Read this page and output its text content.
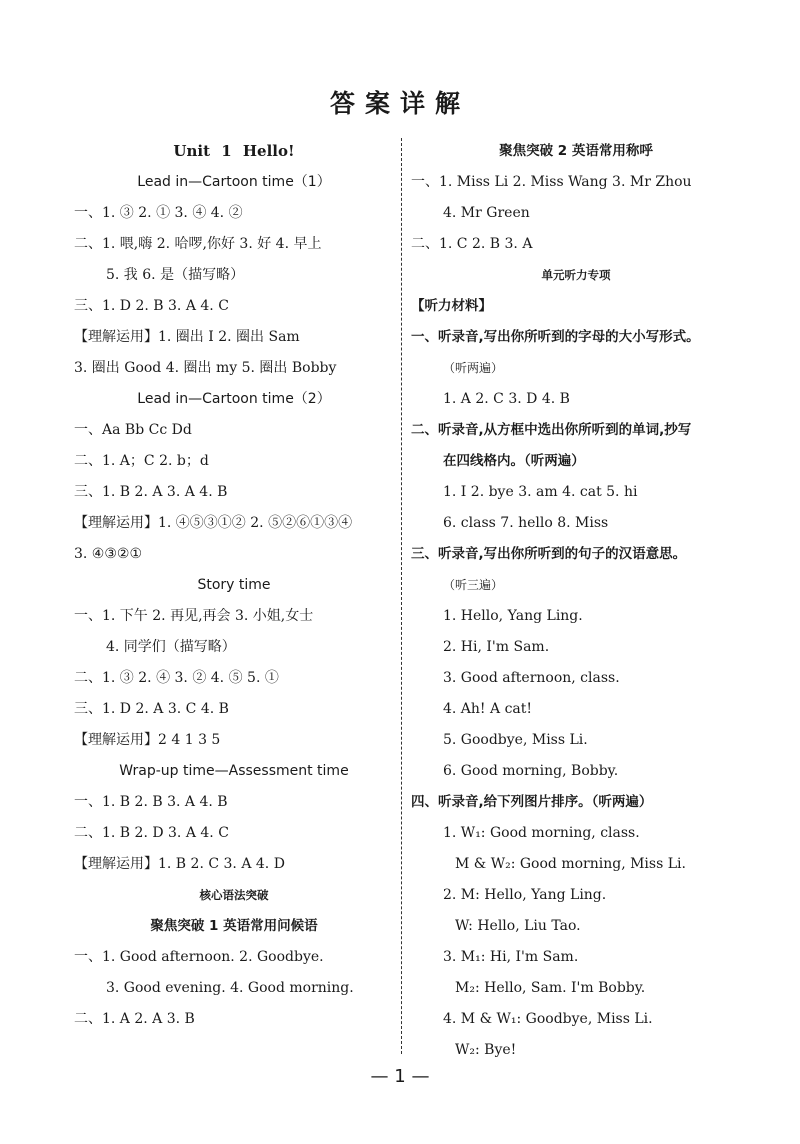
答案详解
Unit 1 Hello!
Lead in—Cartoon time（1）
一、1. ③ 2. ① 3. ④ 4. ②
二、1. 喂,嗨 2. 哈啰,你好 3. 好 4. 早上
5. 我 6. 是（描写略）
三、1. D 2. B 3. A 4. C
【理解运用】1. 圈出 I 2. 圈出 Sam
3. 圈出 Good 4. 圈出 my 5. 圈出 Bobby
Lead in—Cartoon time（2）
一、Aa Bb Cc Dd
二、1. A；C 2. b；d
三、1. B 2. A 3. A 4. B
【理解运用】1. ④⑤③①② 2. ⑤②⑥①③④
3. ④③②①
Story time
一、1. 下午 2. 再见,再会 3. 小姐,女士
4. 同学们（描写略）
二、1. ③ 2. ④ 3. ② 4. ⑤ 5. ①
三、1. D 2. A 3. C 4. B
【理解运用】2 4 1 3 5
Wrap-up time—Assessment time
一、1. B 2. B 3. A 4. B
二、1. B 2. D 3. A 4. C
【理解运用】1. B 2. C 3. A 4. D
核心语法突破
聚焦突破 1 英语常用问候语
一、1. Good afternoon. 2. Goodbye.
3. Good evening. 4. Good morning.
二、1. A 2. A 3. B
聚焦突破 2 英语常用称呼
一、1. Miss Li 2. Miss Wang 3. Mr Zhou
4. Mr Green
二、1. C 2. B 3. A
单元听力专项
【听力材料】
一、听录音,写出你所听到的字母的大小写形式。
（听两遍）
1. A 2. C 3. D 4. B
二、听录音,从方框中选出你所听到的单词,抄写
在四线格内。（听两遍）
1. I 2. bye 3. am 4. cat 5. hi
6. class 7. hello 8. Miss
三、听录音,写出你所听到的句子的汉语意思。
（听三遍）
1. Hello, Yang Ling.
2. Hi, I'm Sam.
3. Good afternoon, class.
4. Ah! A cat!
5. Goodbye, Miss Li.
6. Good morning, Bobby.
四、听录音,给下列图片排序。（听两遍）
1. W₁: Good morning, class.
M & W₂: Good morning, Miss Li.
2. M: Hello, Yang Ling.
W: Hello, Liu Tao.
3. M₁: Hi, I'm Sam.
M₂: Hello, Sam. I'm Bobby.
4. M & W₁: Goodbye, Miss Li.
W₂: Bye!
— 1 —
